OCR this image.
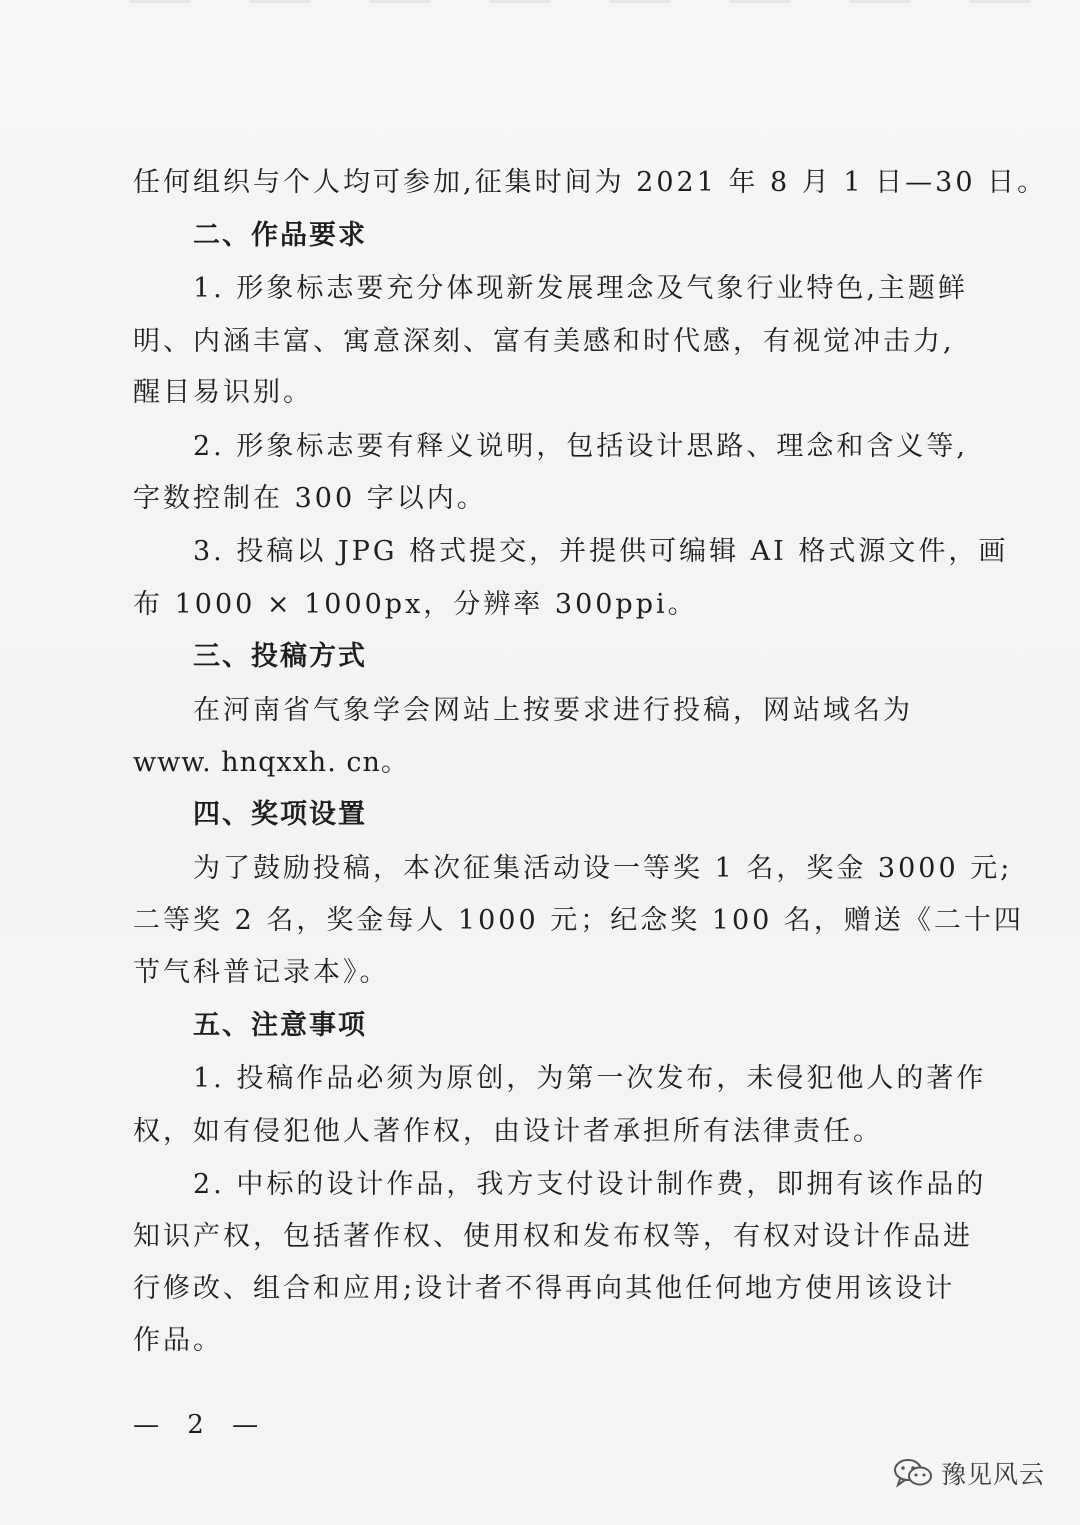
任何组织与个人均可参加,征集时间为 2021 年 8 月 1 日—30 日。
二、作品要求
1. 形象标志要充分体现新发展理念及气象行业特色,主题鲜
明、内涵丰富、寓意深刻、富有美感和时代感，有视觉冲击力,
醒目易识别。
2. 形象标志要有释义说明，包括设计思路、理念和含义等,
字数控制在 300 字以内。
3. 投稿以 JPG 格式提交，并提供可编辑 AI 格式源文件，画
布 1000 × 1000px，分辨率 300ppi。
三、投稿方式
在河南省气象学会网站上按要求进行投稿，网站域名为
www. hnqxxh. cn。
四、奖项设置
为了鼓励投稿，本次征集活动设一等奖 1 名，奖金 3000 元;
二等奖 2 名，奖金每人 1000 元；纪念奖 100 名，赠送《二十四
节气科普记录本》。
五、注意事项
1. 投稿作品必须为原创，为第一次发布，未侵犯他人的著作
权，如有侵犯他人著作权，由设计者承担所有法律责任。
2. 中标的设计作品，我方支付设计制作费，即拥有该作品的
知识产权，包括著作权、使用权和发布权等，有权对设计作品进
行修改、组合和应用;设计者不得再向其他任何地方使用该设计
作品。
— 2 —
豫见风云
